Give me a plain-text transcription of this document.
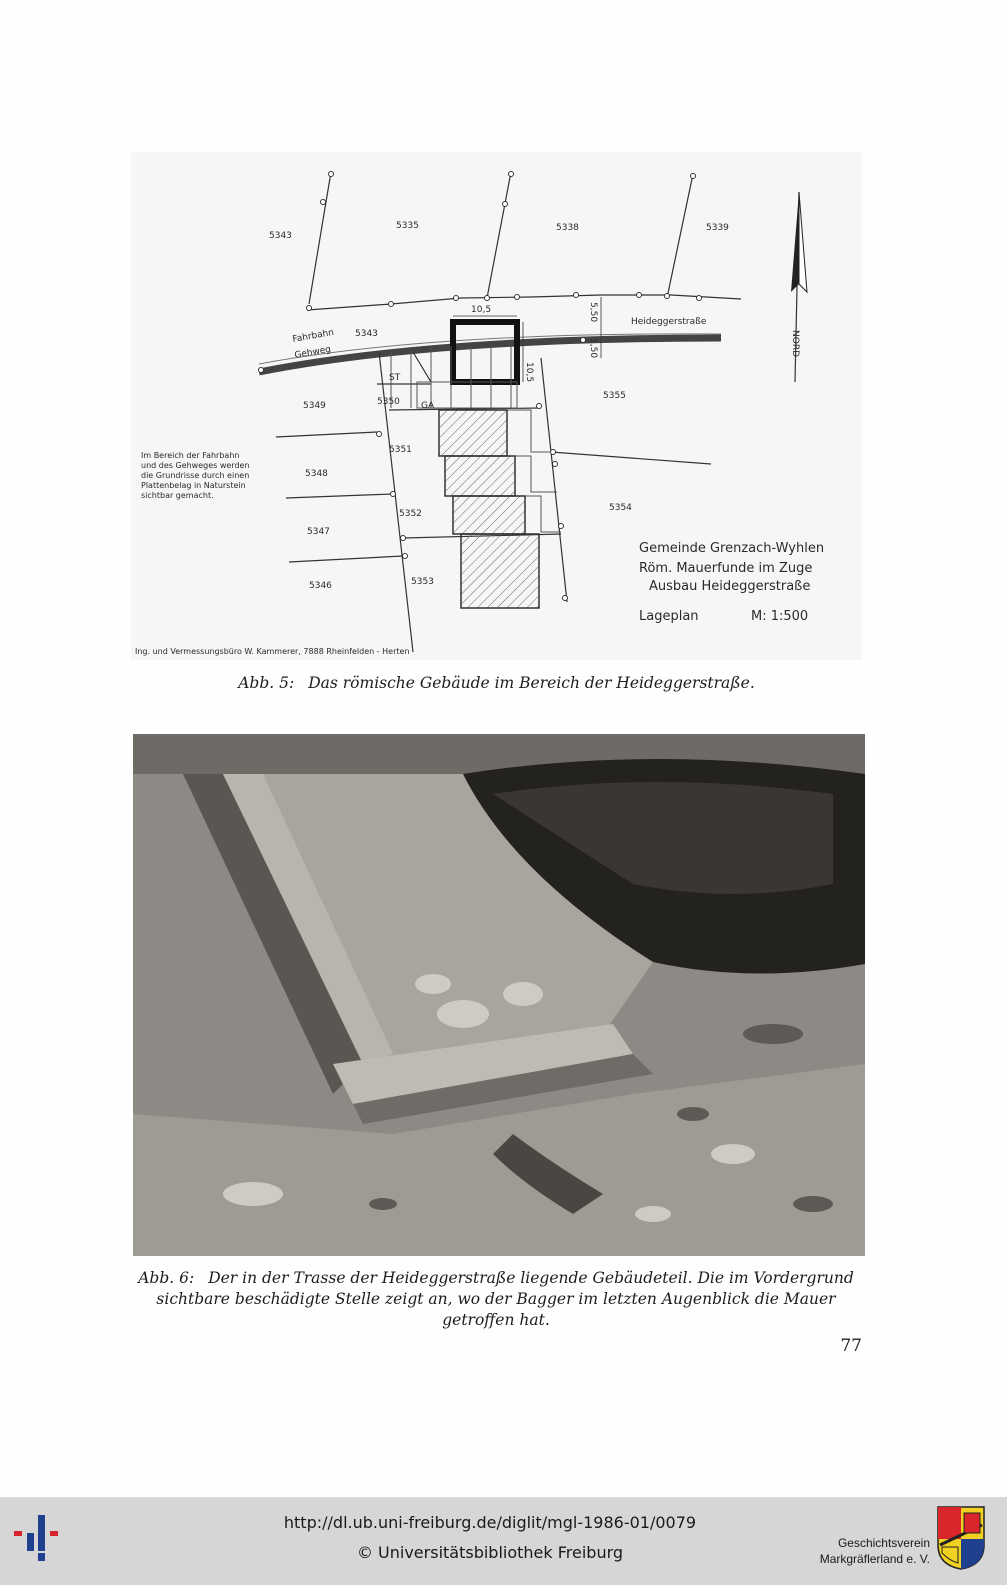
5343
5335	5338	5339
5343
5349	5350
5355
5351
5348
5352
5354
5347
5346	5353
Fahrbahn
Gehweg
Heideggerstraße
ST
GA
10,5
10,5
5,50
1,50	NORD
Im Bereich der Fahrbahn
und des Gehweges werden
die Grundrisse durch einen
Plattenbelag in Naturstein
sichtbar gemacht.
Ing. und Vermessungsbüro W. Kammerer, 7888 Rheinfelden - Herten
Gemeinde Grenzach-Wyhlen
Röm. Mauerfunde im Zuge
Ausbau Heideggerstraße
Lageplan	M: 1:500
Abb. 5: Das römische Gebäude im Bereich der Heideggerstraße.
Abb. 6: Der in der Trasse der Heideggerstraße liegende Gebäudeteil. Die im Vordergrund
sichtbare beschädigte Stelle zeigt an, wo der Bagger im letzten Augenblick die Mauer getroffen hat.
77
http://dl.ub.uni-freiburg.de/diglit/mgl-1986-01/0079
© Universitätsbibliothek Freiburg	Geschichtsverein
Markgräflerland e. V.
